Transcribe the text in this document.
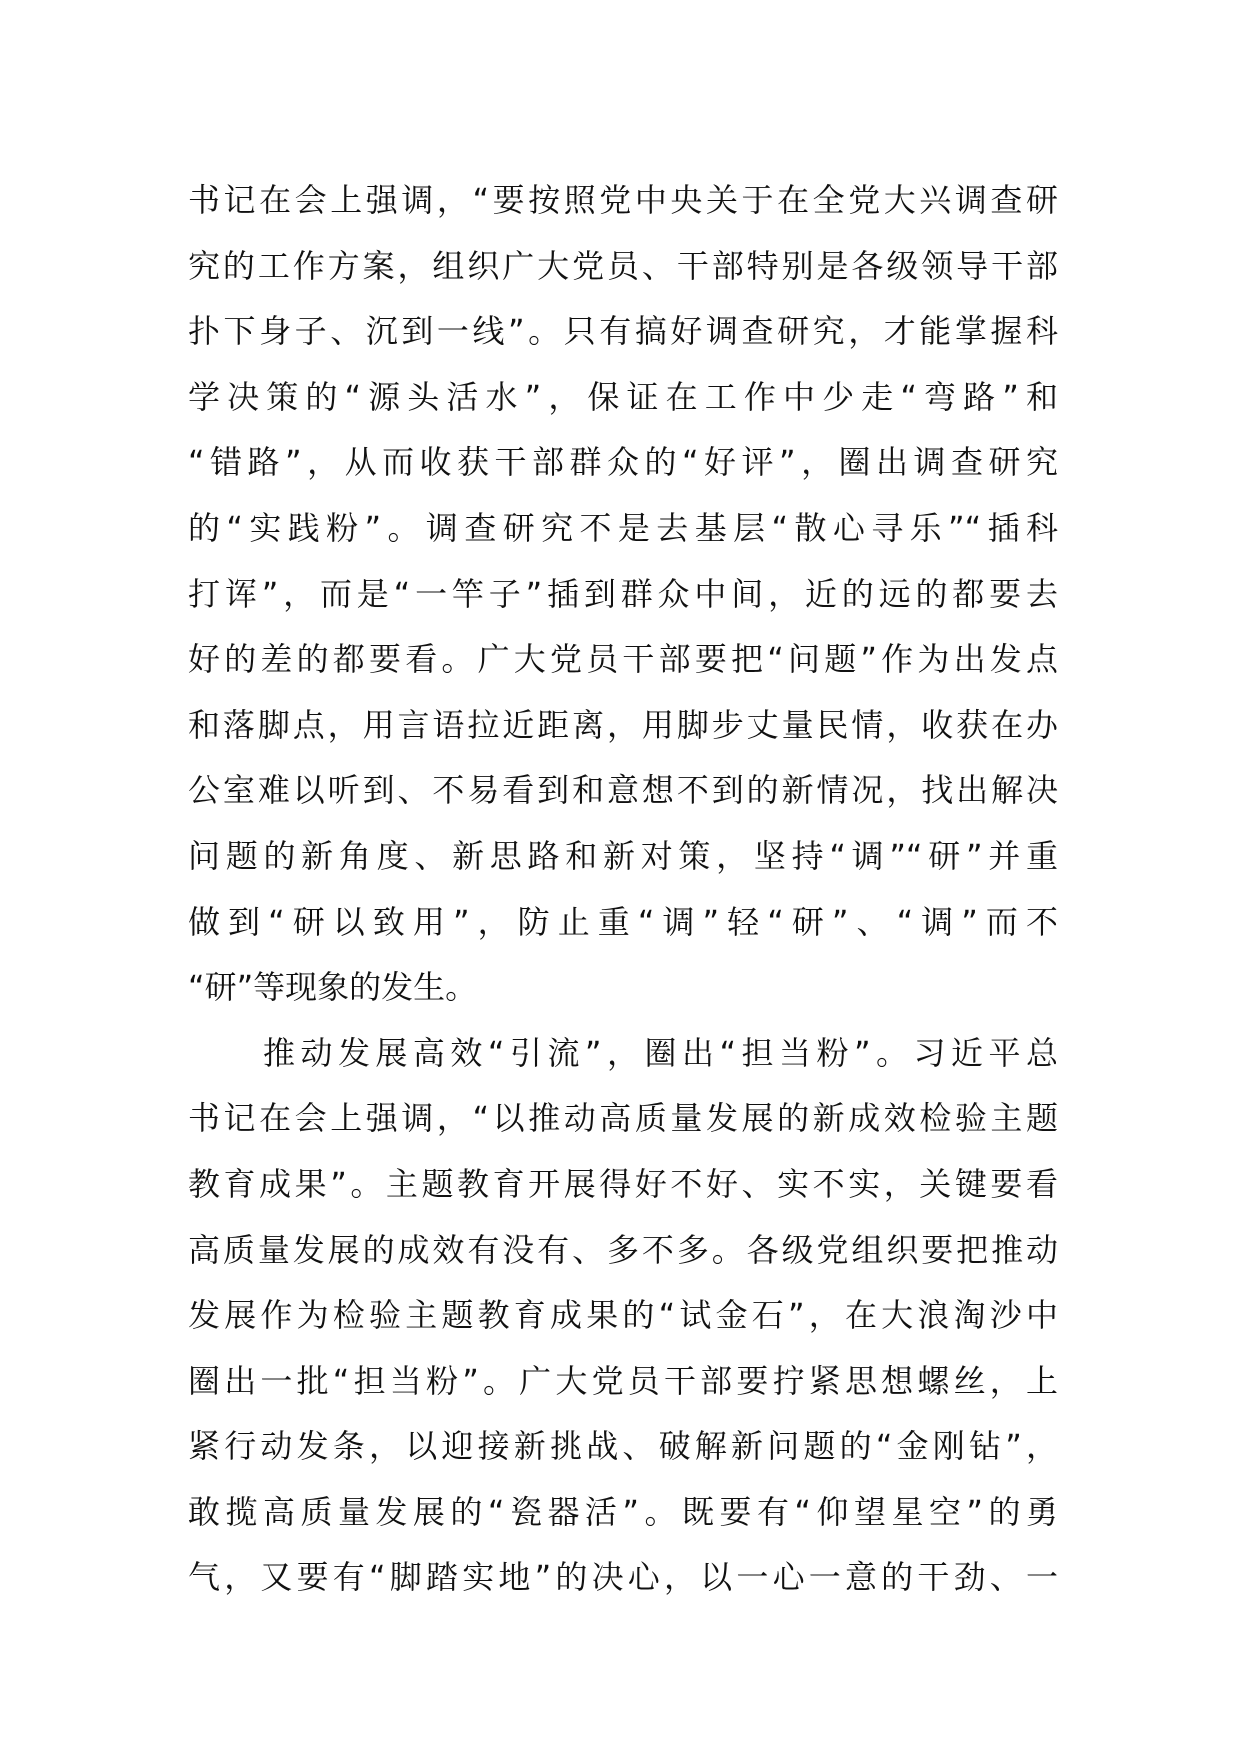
书记在会上强调，“要按照党中央关于在全党大兴调查研
究的工作方案，组织广大党员、干部特别是各级领导干部
扑下身子、沉到一线”。只有搞好调查研究，才能掌握科
学决策的“源头活水”，保证在工作中少走“弯路”和
“错路”，从而收获干部群众的“好评”，圈出调查研究
的“实践粉”。调查研究不是去基层“散心寻乐”“插科
打诨”，而是“一竿子”插到群众中间，近的远的都要去
好的差的都要看。广大党员干部要把“问题”作为出发点
和落脚点，用言语拉近距离，用脚步丈量民情，收获在办
公室难以听到、不易看到和意想不到的新情况，找出解决
问题的新角度、新思路和新对策，坚持“调”“研”并重
做到“研以致用”，防止重“调”轻“研”、“调”而不
“研”等现象的发生。
　　推动发展高效“引流”，圈出“担当粉”。习近平总
书记在会上强调，“以推动高质量发展的新成效检验主题
教育成果”。主题教育开展得好不好、实不实，关键要看
高质量发展的成效有没有、多不多。各级党组织要把推动
发展作为检验主题教育成果的“试金石”，在大浪淘沙中
圈出一批“担当粉”。广大党员干部要拧紧思想螺丝，上
紧行动发条，以迎接新挑战、破解新问题的“金刚钻”，
敢揽高质量发展的“瓷器活”。既要有“仰望星空”的勇
气，又要有“脚踏实地”的决心，以一心一意的干劲、一
